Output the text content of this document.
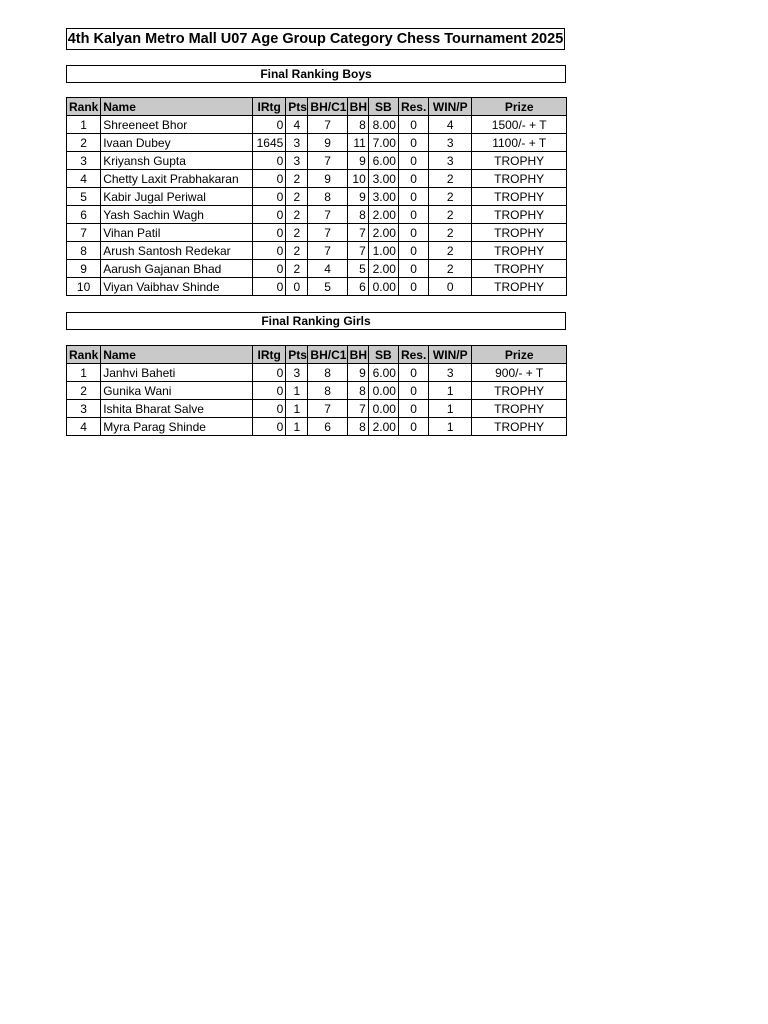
4th Kalyan Metro Mall U07 Age Group Category Chess Tournament 2025
Final Ranking Boys
Rank	Name	IRtg	Pts	BH/C1	BH	SB	Res.	WIN/P	Prize
1	Shreeneet Bhor	0	4	7	8	8.00	0	4	1500/- + T
2	Ivaan Dubey	1645	3	9	11	7.00	0	3	1100/- + T
3	Kriyansh Gupta	0	3	7	9	6.00	0	3	TROPHY
4	Chetty Laxit Prabhakaran	0	2	9	10	3.00	0	2	TROPHY
5	Kabir Jugal Periwal	0	2	8	9	3.00	0	2	TROPHY
6	Yash Sachin Wagh	0	2	7	8	2.00	0	2	TROPHY
7	Vihan Patil	0	2	7	7	2.00	0	2	TROPHY
8	Arush Santosh Redekar	0	2	7	7	1.00	0	2	TROPHY
9	Aarush Gajanan Bhad	0	2	4	5	2.00	0	2	TROPHY
10	Viyan Vaibhav Shinde	0	0	5	6	0.00	0	0	TROPHY
Final Ranking Girls
Rank	Name	IRtg	Pts	BH/C1	BH	SB	Res.	WIN/P	Prize
1	Janhvi Baheti	0	3	8	9	6.00	0	3	900/- + T
2	Gunika Wani	0	1	8	8	0.00	0	1	TROPHY
3	Ishita Bharat Salve	0	1	7	7	0.00	0	1	TROPHY
4	Myra Parag Shinde	0	1	6	8	2.00	0	1	TROPHY
